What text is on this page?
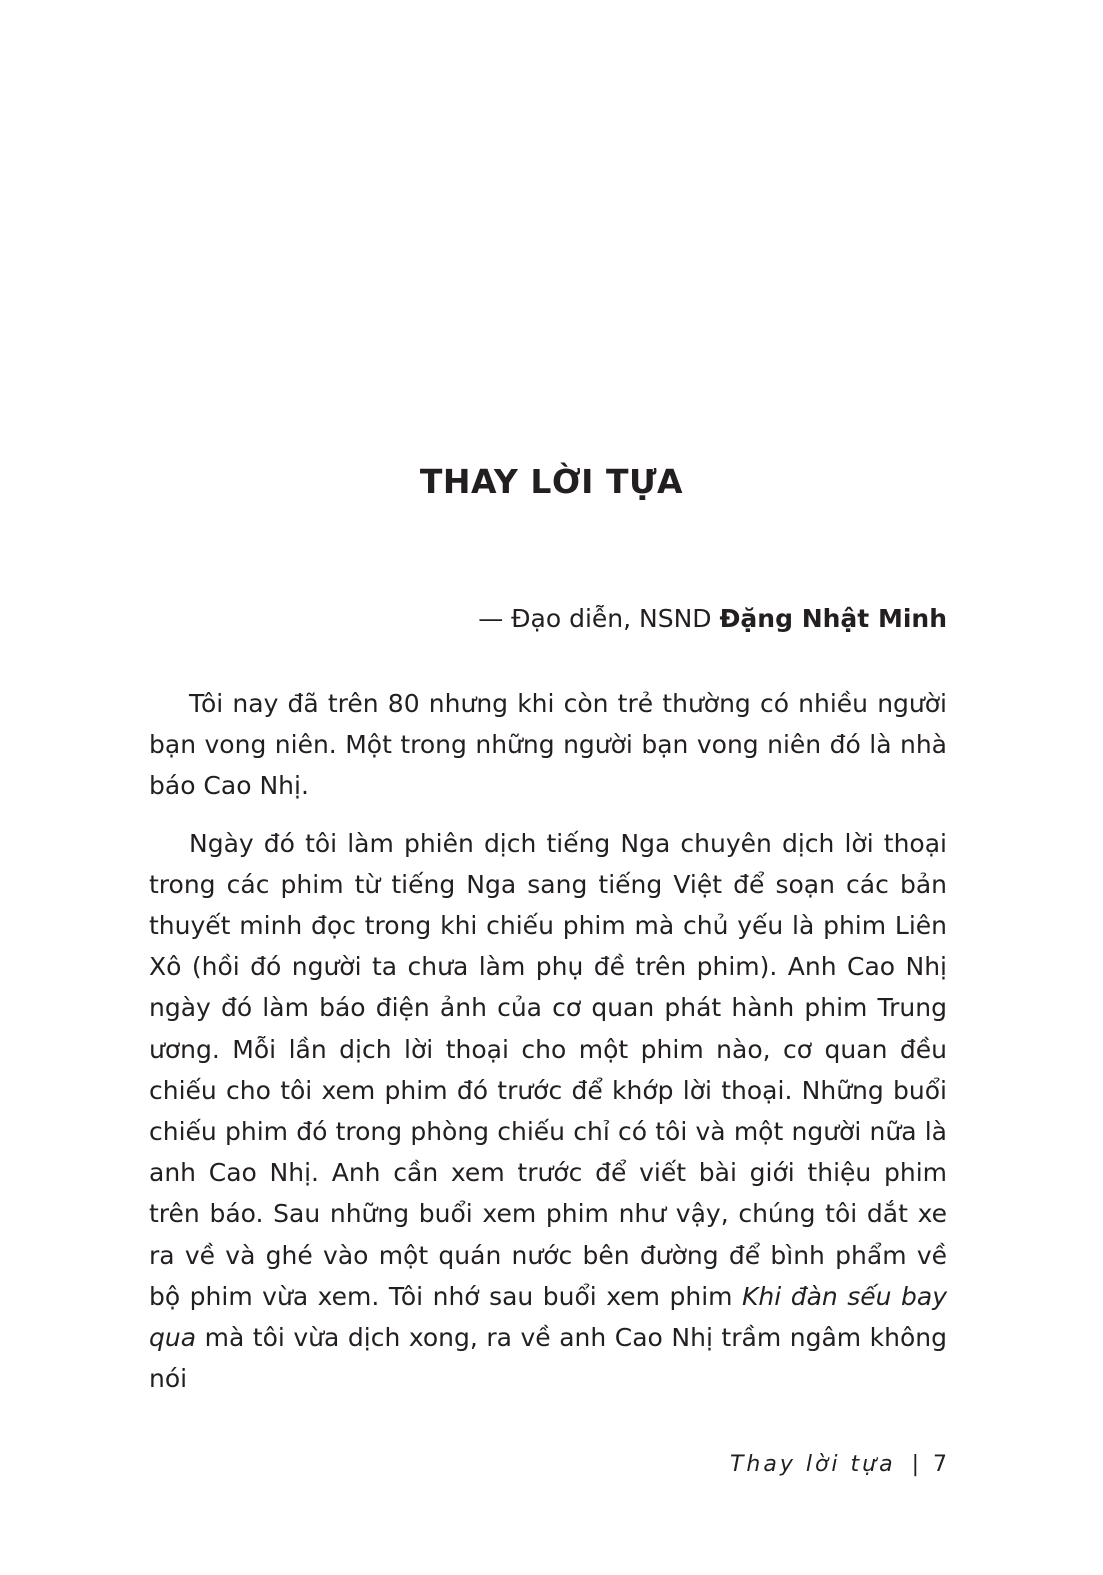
THAY LỜI TỰA
— Đạo diễn, NSND Đặng Nhật Minh

Tôi nay đã trên 80 nhưng khi còn trẻ thường có nhiều người bạn vong niên. Một trong những người bạn vong niên đó là nhà báo Cao Nhị.

Ngày đó tôi làm phiên dịch tiếng Nga chuyên dịch lời thoại trong các phim từ tiếng Nga sang tiếng Việt để soạn các bản thuyết minh đọc trong khi chiếu phim mà chủ yếu là phim Liên Xô (hồi đó người ta chưa làm phụ đề trên phim). Anh Cao Nhị ngày đó làm báo điện ảnh của cơ quan phát hành phim Trung ương. Mỗi lần dịch lời thoại cho một phim nào, cơ quan đều chiếu cho tôi xem phim đó trước để khớp lời thoại. Những buổi chiếu phim đó trong phòng chiếu chỉ có tôi và một người nữa là anh Cao Nhị. Anh cần xem trước để viết bài giới thiệu phim trên báo. Sau những buổi xem phim như vậy, chúng tôi dắt xe ra về và ghé vào một quán nước bên đường để bình phẩm về bộ phim vừa xem. Tôi nhớ sau buổi xem phim Khi đàn sếu bay qua mà tôi vừa dịch xong, ra về anh Cao Nhị trầm ngâm không nói

Thay lời tựa | 7
